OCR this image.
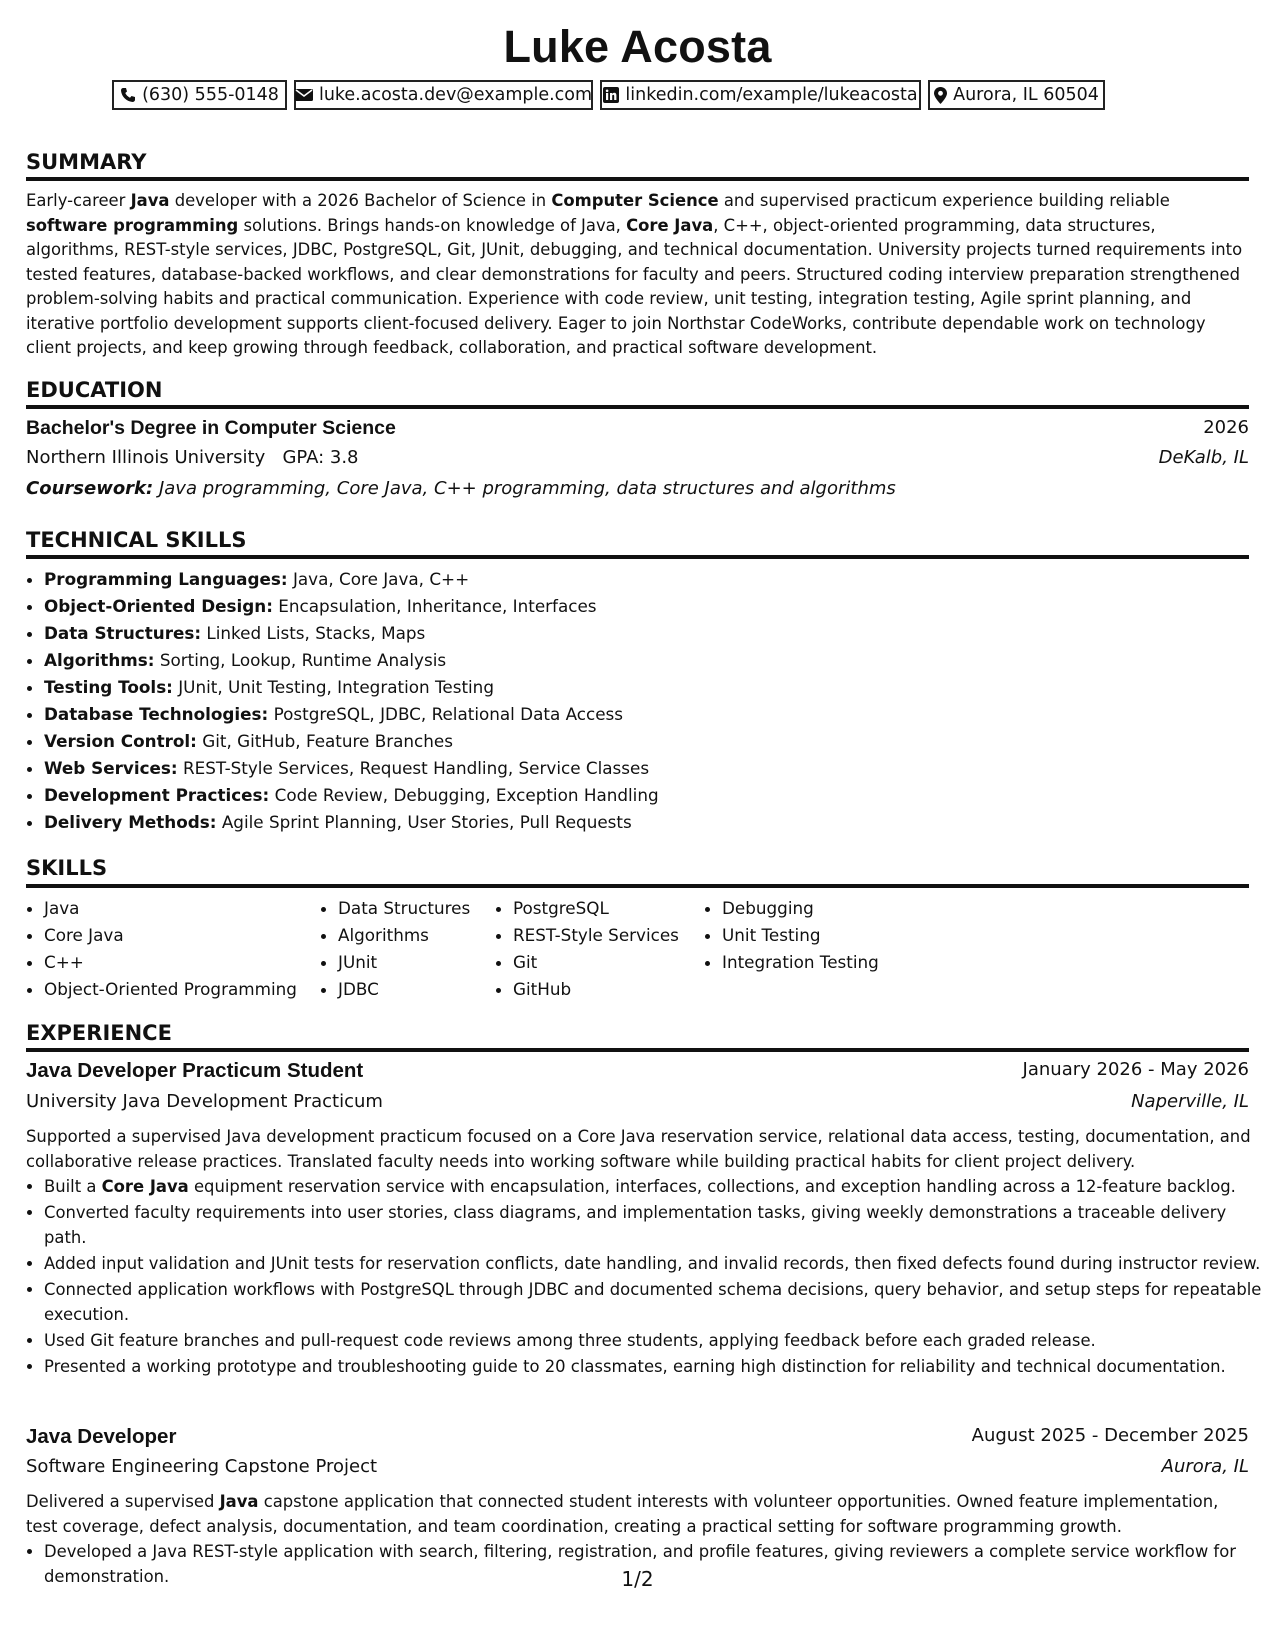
Luke Acosta
(630) 555-0148 luke.acosta.dev@example.com linkedin.com/example/lukeacosta Aurora, IL 60504
SUMMARY
Early-career Java developer with a 2026 Bachelor of Science in Computer Science and supervised practicum experience building reliable software programming solutions. Brings hands-on knowledge of Java, Core Java, C++, object-oriented programming, data structures, algorithms, REST-style services, JDBC, PostgreSQL, Git, JUnit, debugging, and technical documentation. University projects turned requirements into tested features, database-backed workflows, and clear demonstrations for faculty and peers. Structured coding interview preparation strengthened problem-solving habits and practical communication. Experience with code review, unit testing, integration testing, Agile sprint planning, and iterative portfolio development supports client-focused delivery. Eager to join Northstar CodeWorks, contribute dependable work on technology client projects, and keep growing through feedback, collaboration, and practical software development.
EDUCATION
Bachelor's Degree in Computer Science	2026
Northern Illinois University GPA: 3.8	DeKalb, IL
Coursework: Java programming, Core Java, C++ programming, data structures and algorithms
TECHNICAL SKILLS
• Programming Languages: Java, Core Java, C++
• Object-Oriented Design: Encapsulation, Inheritance, Interfaces
• Data Structures: Linked Lists, Stacks, Maps
• Algorithms: Sorting, Lookup, Runtime Analysis
• Testing Tools: JUnit, Unit Testing, Integration Testing
• Database Technologies: PostgreSQL, JDBC, Relational Data Access
• Version Control: Git, GitHub, Feature Branches
• Web Services: REST-Style Services, Request Handling, Service Classes
• Development Practices: Code Review, Debugging, Exception Handling
• Delivery Methods: Agile Sprint Planning, User Stories, Pull Requests
SKILLS
• Java
• Core Java
• C++
• Object-Oriented Programming
• Data Structures
• Algorithms
• JUnit
• JDBC
• PostgreSQL
• REST-Style Services
• Git
• GitHub
• Debugging
• Unit Testing
• Integration Testing
EXPERIENCE
Java Developer Practicum Student	January 2026 - May 2026
University Java Development Practicum	Naperville, IL
Supported a supervised Java development practicum focused on a Core Java reservation service, relational data access, testing, documentation, and collaborative release practices. Translated faculty needs into working software while building practical habits for client project delivery.
• Built a Core Java equipment reservation service with encapsulation, interfaces, collections, and exception handling across a 12-feature backlog.
• Converted faculty requirements into user stories, class diagrams, and implementation tasks, giving weekly demonstrations a traceable delivery path.
• Added input validation and JUnit tests for reservation conflicts, date handling, and invalid records, then fixed defects found during instructor review.
• Connected application workflows with PostgreSQL through JDBC and documented schema decisions, query behavior, and setup steps for repeatable execution.
• Used Git feature branches and pull-request code reviews among three students, applying feedback before each graded release.
• Presented a working prototype and troubleshooting guide to 20 classmates, earning high distinction for reliability and technical documentation.
Java Developer	August 2025 - December 2025
Software Engineering Capstone Project	Aurora, IL
Delivered a supervised Java capstone application that connected student interests with volunteer opportunities. Owned feature implementation, test coverage, defect analysis, documentation, and team coordination, creating a practical setting for software programming growth.
• Developed a Java REST-style application with search, filtering, registration, and profile features, giving reviewers a complete service workflow for demonstration.	1/2
